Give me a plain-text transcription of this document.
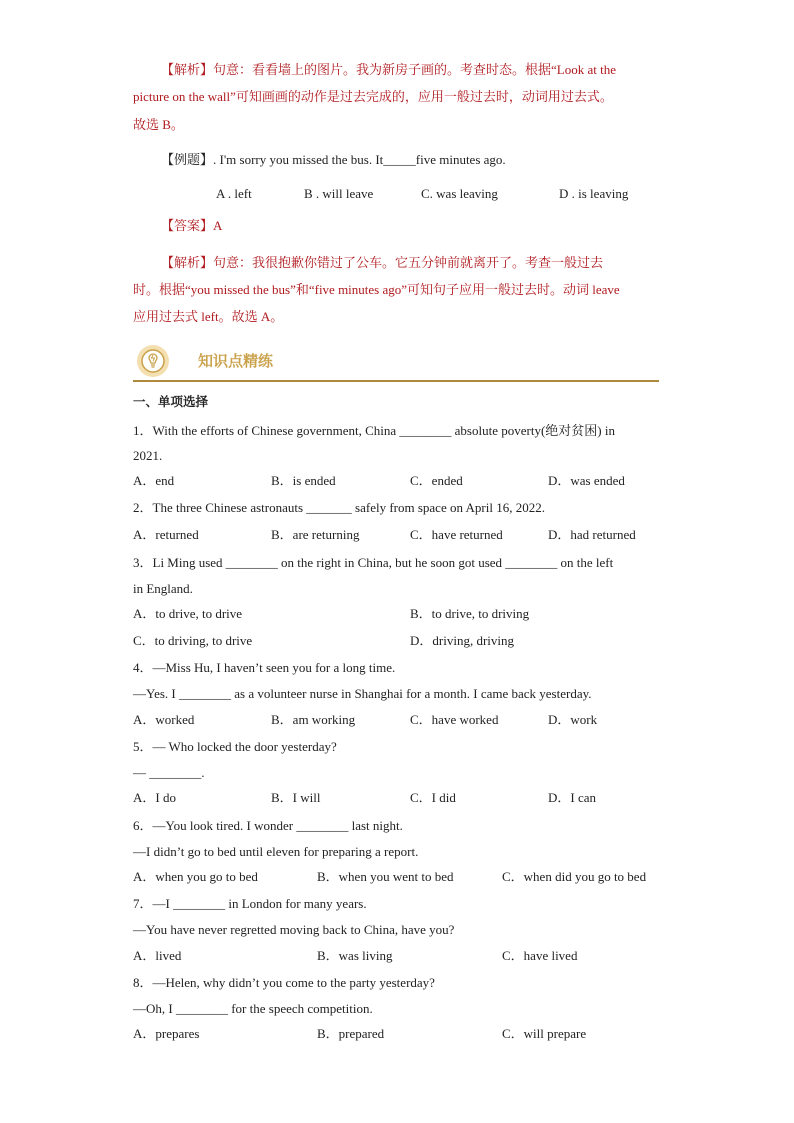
【解析】句意：看看墙上的图片。我为新房子画的。考查时态。根据“Look at the
picture on the wall”可知画画的动作是过去完成的，应用一般过去时，动词用过去式。
故选 B。
【例题】. I'm sorry you missed the bus. It_____five minutes ago.
A . left	B . will leave	C. was leaving	D . is leaving
【答案】A
【解析】句意：我很抱歉你错过了公车。它五分钟前就离开了。考查一般过去
时。根据“you missed the bus”和“five minutes ago”可知句子应用一般过去时。动词 leave
应用过去式 left。故选 A。
知识点精练
一、单项选择
1．With the efforts of Chinese government, China ________ absolute poverty(绝对贫困) in
2021.
A．end	B．is ended	C．ended	D．was ended
2．The three Chinese astronauts _______ safely from space on April 16, 2022.
A．returned	B．are returning	C．have returned	D．had returned
3．Li Ming used ________ on the right in China, but he soon got used ________ on the left
in England.
A．to drive, to drive	B．to drive, to driving
C．to driving, to drive	D．driving, driving
4．—Miss Hu, I haven’t seen you for a long time.
—Yes. I ________ as a volunteer nurse in Shanghai for a month. I came back yesterday.
A．worked	B．am working	C．have worked	D．work
5．— Who locked the door yesterday?
— ________.
A．I do	B．I will	C．I did	D．I can
6．—You look tired. I wonder ________ last night.
—I didn’t go to bed until eleven for preparing a report.
A．when you go to bed	B．when you went to bed	C．when did you go to bed
7．—I ________ in London for many years.
—You have never regretted moving back to China, have you?
A．lived	B．was living	C．have lived
8．—Helen, why didn’t you come to the party yesterday?
—Oh, I ________ for the speech competition.
A．prepares	B．prepared	C．will prepare
